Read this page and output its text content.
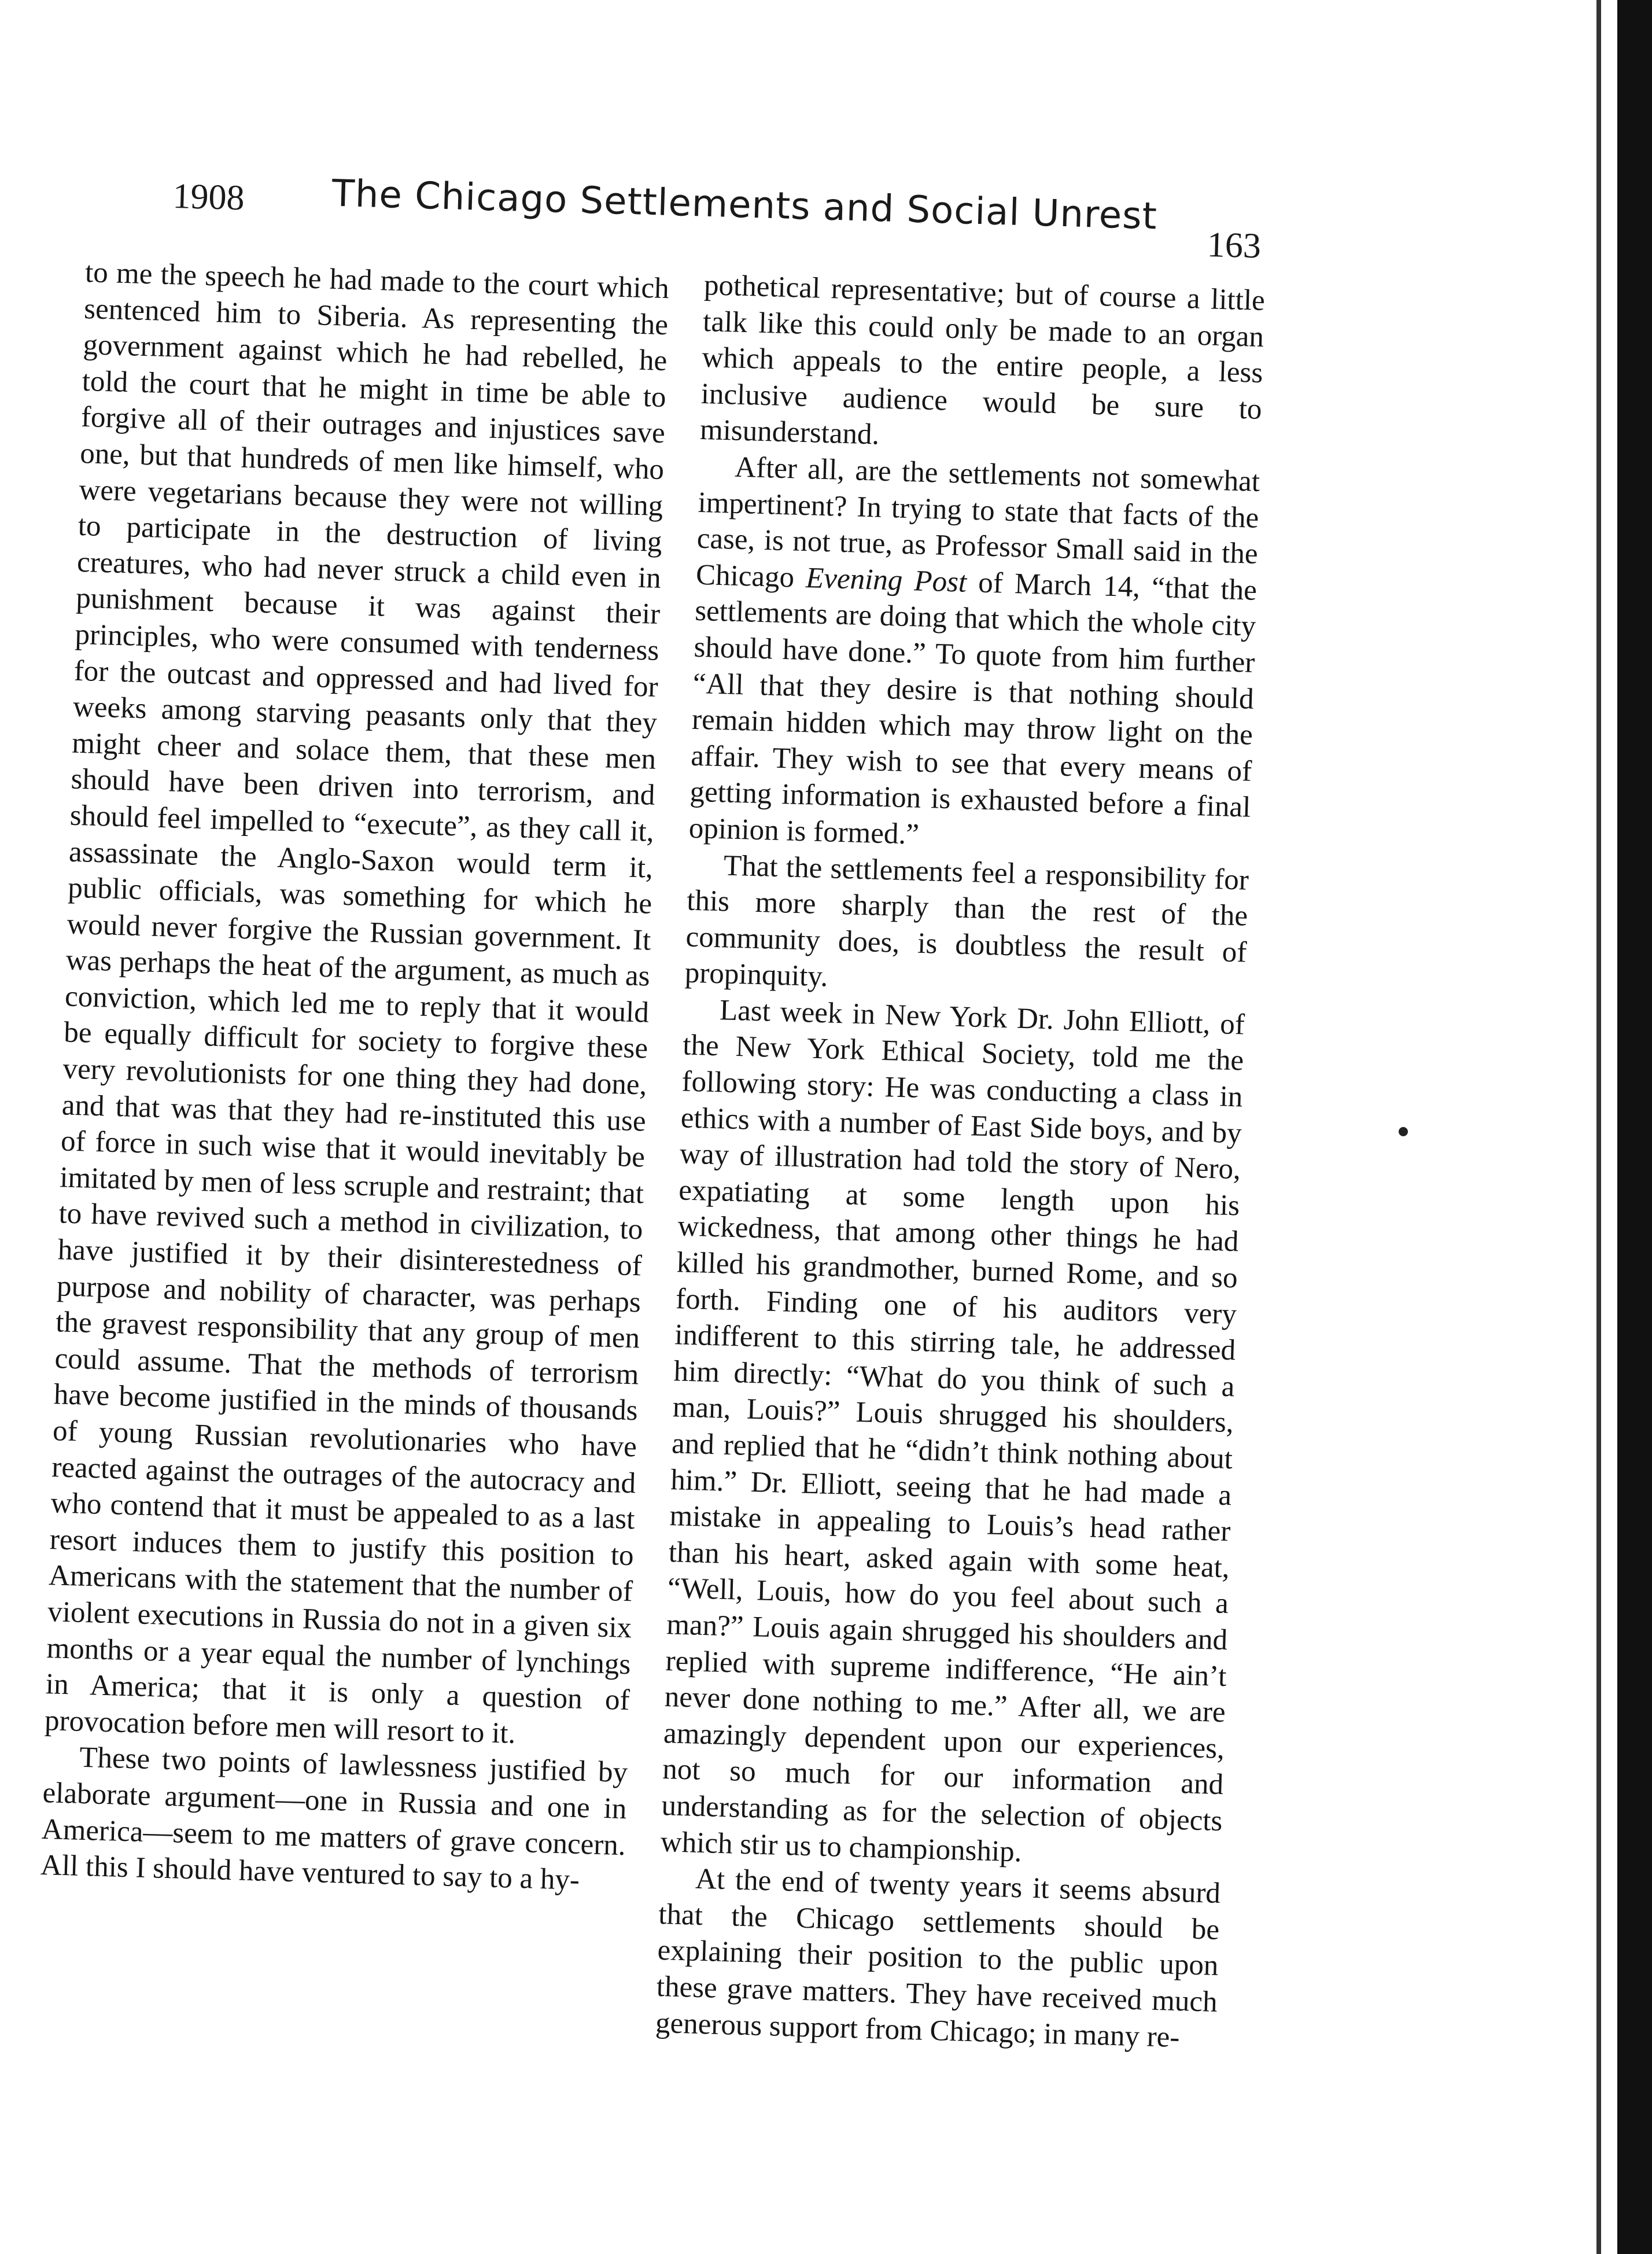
1908 The Chicago Settlements and Social Unrest
163

to me the speech he had made to the court which sentenced him to Siberia. As representing the government against which he had rebelled, he told the court that he might in time be able to forgive all of their outrages and injustices save one, but that hundreds of men like himself, who were vegetarians because they were not willing to participate in the destruction of living creatures, who had never struck a child even in punishment because it was against their principles, who were consumed with tenderness for the outcast and oppressed and had lived for weeks among starving peasants only that they might cheer and solace them, that these men should have been driven into terrorism, and should feel impelled to “execute”, as they call it, assassinate the Anglo-Saxon would term it, public officials, was something for which he would never forgive the Russian government. It was perhaps the heat of the argument, as much as conviction, which led me to reply that it would be equally difficult for society to forgive these very revolutionists for one thing they had done, and that was that they had re-instituted this use of force in such wise that it would inevitably be imitated by men of less scruple and restraint; that to have revived such a method in civilization, to have justified it by their disinterestedness of purpose and nobility of character, was perhaps the gravest responsibility that any group of men could assume. That the methods of terrorism have become justified in the minds of thousands of young Russian revolutionaries who have reacted against the outrages of the autocracy and who contend that it must be appealed to as a last resort induces them to justify this position to Americans with the statement that the number of violent executions in Russia do not in a given six months or a year equal the number of lynchings in America; that it is only a question of provocation before men will resort to it.

These two points of lawlessness justified by elaborate argument—one in Russia and one in America—seem to me matters of grave concern. All this I should have ventured to say to a hy-

pothetical representative; but of course a little talk like this could only be made to an organ which appeals to the entire people, a less inclusive audience would be sure to misunderstand.

After all, are the settlements not somewhat impertinent? In trying to state that facts of the case, is not true, as Professor Small said in the Chicago Evening Post of March 14, “that the settlements are doing that which the whole city should have done.” To quote from him further “All that they desire is that nothing should remain hidden which may throw light on the affair. They wish to see that every means of getting information is exhausted before a final opinion is formed.”

That the settlements feel a responsibility for this more sharply than the rest of the community does, is doubtless the result of propinquity.

Last week in New York Dr. John Elliott, of the New York Ethical Society, told me the following story: He was conducting a class in ethics with a number of East Side boys, and by way of illustration had told the story of Nero, expatiating at some length upon his wickedness, that among other things he had killed his grandmother, burned Rome, and so forth. Finding one of his auditors very indifferent to this stirring tale, he addressed him directly: “What do you think of such a man, Louis?” Louis shrugged his shoulders, and replied that he “didn’t think nothing about him.” Dr. Elliott, seeing that he had made a mistake in appealing to Louis’s head rather than his heart, asked again with some heat, “Well, Louis, how do you feel about such a man?” Louis again shrugged his shoulders and replied with supreme indifference, “He ain’t never done nothing to me.” After all, we are amazingly dependent upon our experiences, not so much for our information and understanding as for the selection of objects which stir us to championship.

At the end of twenty years it seems absurd that the Chicago settlements should be explaining their position to the public upon these grave matters. They have received much generous support from Chicago; in many re-
